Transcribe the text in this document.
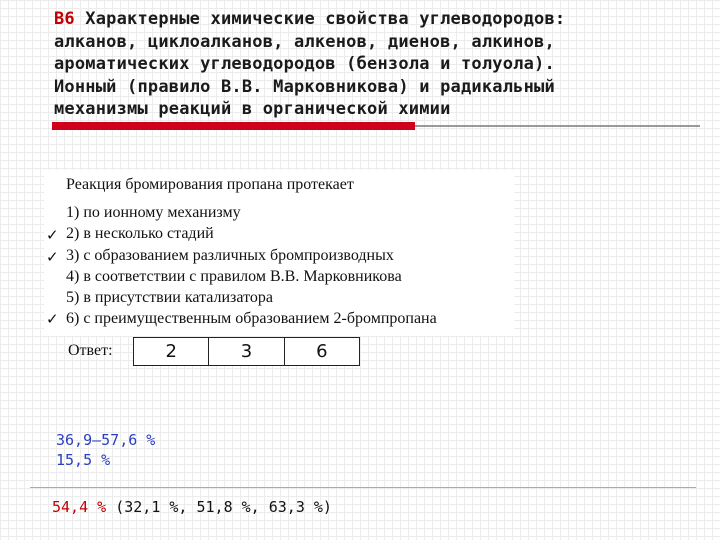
В6 Характерные химические свойства углеводородов:
алканов, циклоалканов, алкенов, диенов, алкинов,
ароматических углеводородов (бензола и толуола).
Ионный (правило В.В. Марковникова) и радикальный
механизмы реакций в органической химии
Реакция бромирования пропана протекает
✓
✓
✓
1) по ионному механизму
2) в несколько стадий
3) с образованием различных бромпроизводных
4) в соответствии с правилом В.В. Марковникова
5) в присутствии катализатора
6) с преимущественным образованием 2-бромпропана
Ответ:	2	3	6
36,9–57,6 %
15,5 %
54,4 % (32,1 %, 51,8 %, 63,3 %)
